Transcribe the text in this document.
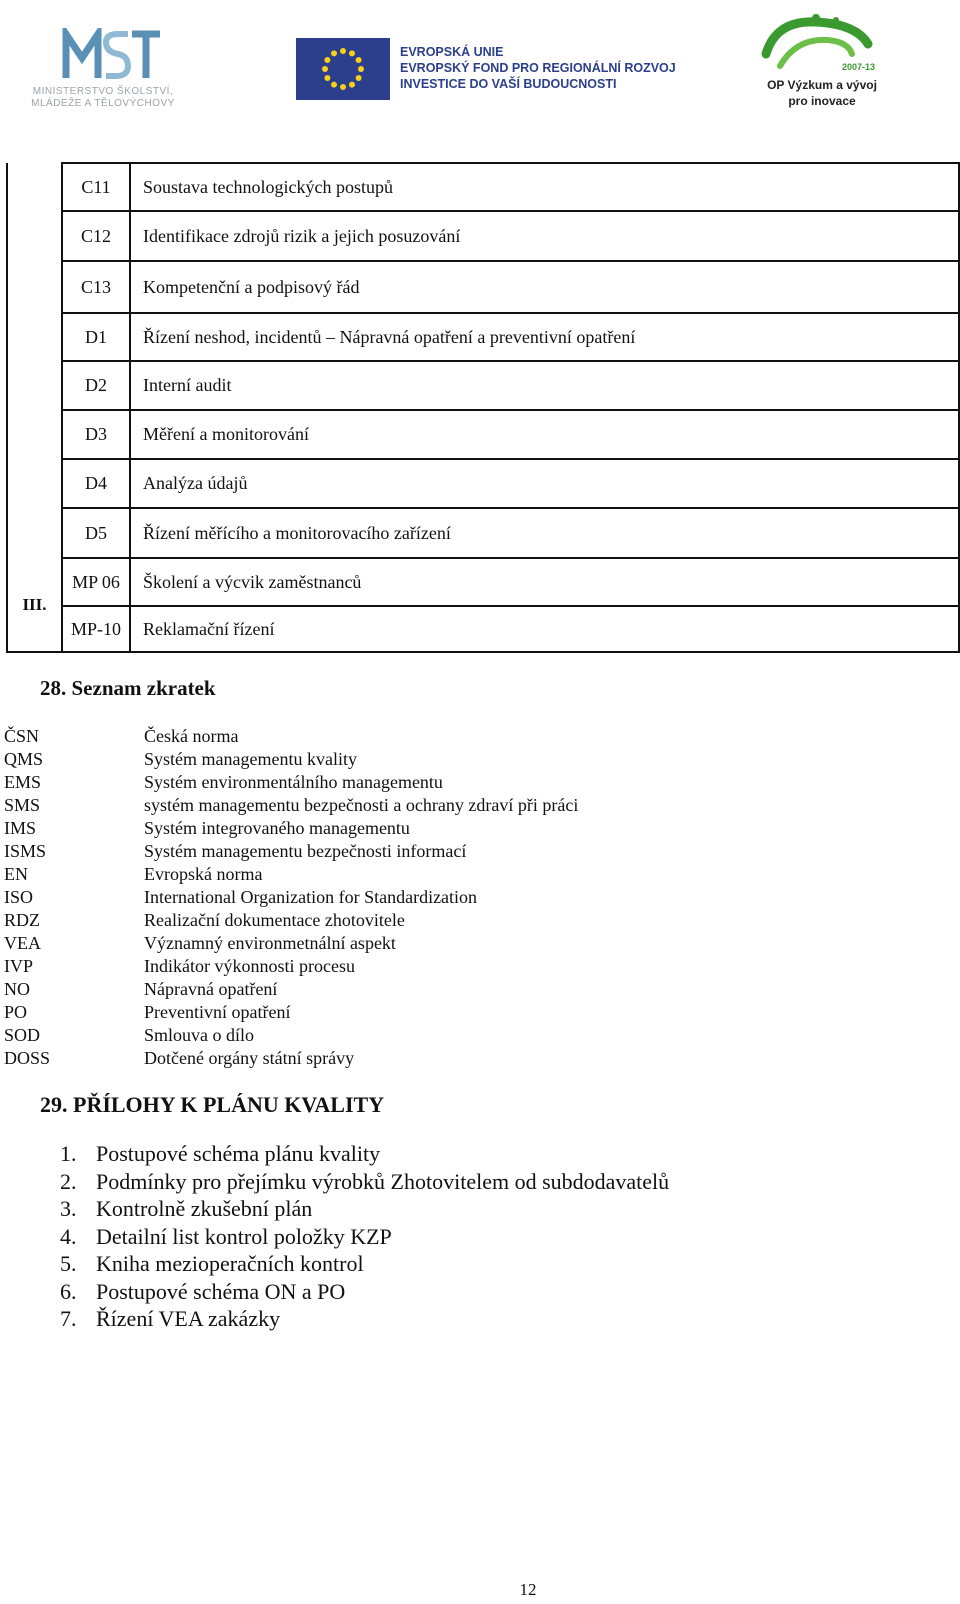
MINISTERSTVO ŠKOLSTVÍ,
MLÁDEŽE A TĚLOVÝCHOVY
EVROPSKÁ UNIE
EVROPSKÝ FOND PRO REGIONÁLNÍ ROZVOJ
INVESTICE DO VAŠÍ BUDOUCNOSTI
2007-13
OP Výzkum a vývoj
pro inovace
	C11	Soustava technologických postupů
	C12	Identifikace zdrojů rizik a jejich posuzování
	C13	Kompetenční a podpisový řád
	D1	Řízení neshod, incidentů – Nápravná opatření a preventivní opatření
	D2	Interní audit
	D3	Měření a monitorování
	D4	Analýza údajů
	D5	Řízení měřícího a monitorovacího zařízení
III.	MP 06	Školení a výcvik zaměstnanců
	MP-10	Reklamační řízení
28. Seznam zkratek
ČSN	Česká norma
QMS	Systém managementu kvality
EMS	Systém environmentálního managementu
SMS	systém managementu bezpečnosti a ochrany zdraví při práci
IMS	Systém integrovaného managementu
ISMS	Systém managementu bezpečnosti informací
EN	Evropská norma
ISO	International Organization for Standardization
RDZ	Realizační dokumentace zhotovitele
VEA	Významný environmetnální aspekt
IVP	Indikátor výkonnosti procesu
NO	Nápravná opatření
PO	Preventivní opatření
SOD	Smlouva o dílo
DOSS	Dotčené orgány státní správy
29. PŘÍLOHY K PLÁNU KVALITY
1. Postupové schéma plánu kvality
2. Podmínky pro přejímku výrobků Zhotovitelem od subdodavatelů
3. Kontrolně zkušební plán
4. Detailní list kontrol položky KZP
5. Kniha mezioperačních kontrol
6. Postupové schéma ON a PO
7. Řízení VEA zakázky
12
